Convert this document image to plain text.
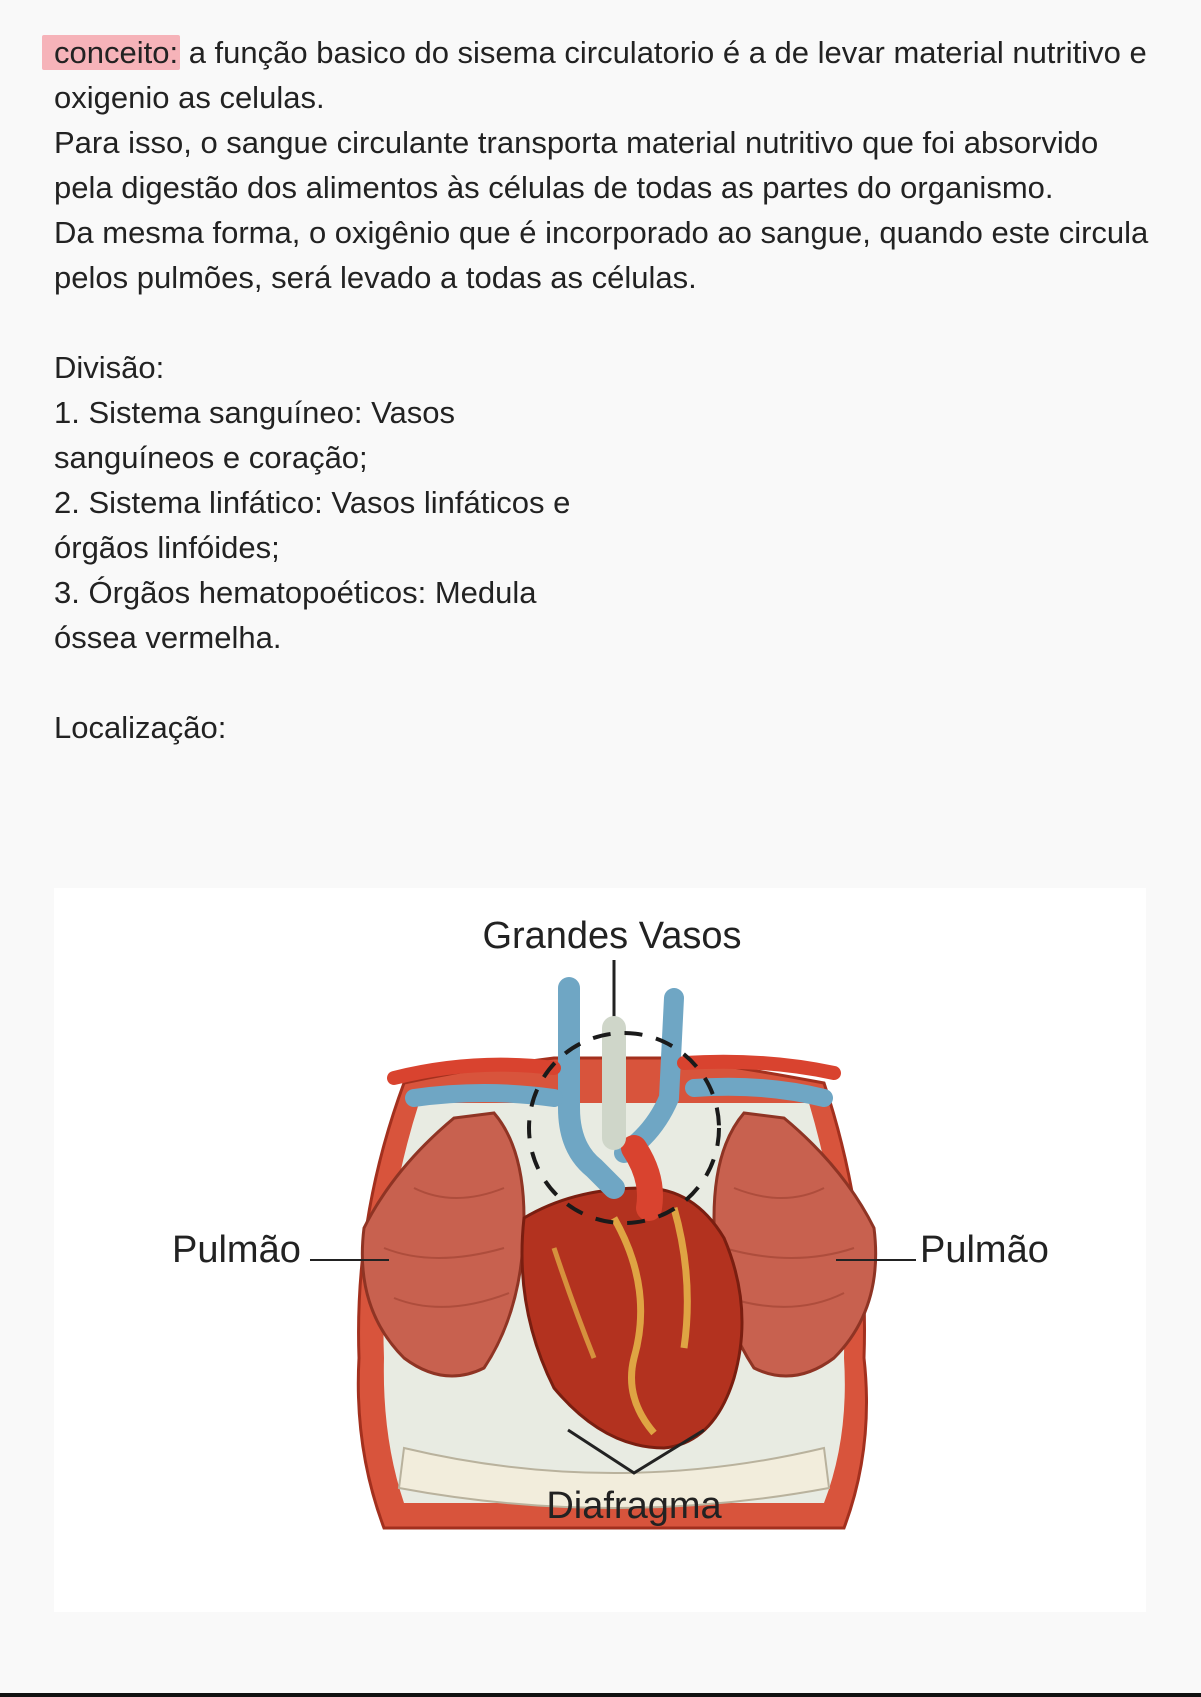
conceito: a função basico do sisema circulatorio é a de levar material nutritivo e oxigenio as celulas.

Para isso, o sangue circulante transporta material nutritivo que foi absorvido pela digestão dos alimentos às células de todas as partes do organismo.

Da mesma forma, o oxigênio que é incorporado ao sangue, quando este circula pelos pulmões, será levado a todas as células.

Divisão:

1. Sistema sanguíneo: Vasos

sanguíneos e coração;

2. Sistema linfático: Vasos linfáticos e

órgãos linfóides;

3. Órgãos hematopoéticos: Medula

óssea vermelha.

Localização:

Grandes Vasos
Pulmão	Pulmão
Diafragma
